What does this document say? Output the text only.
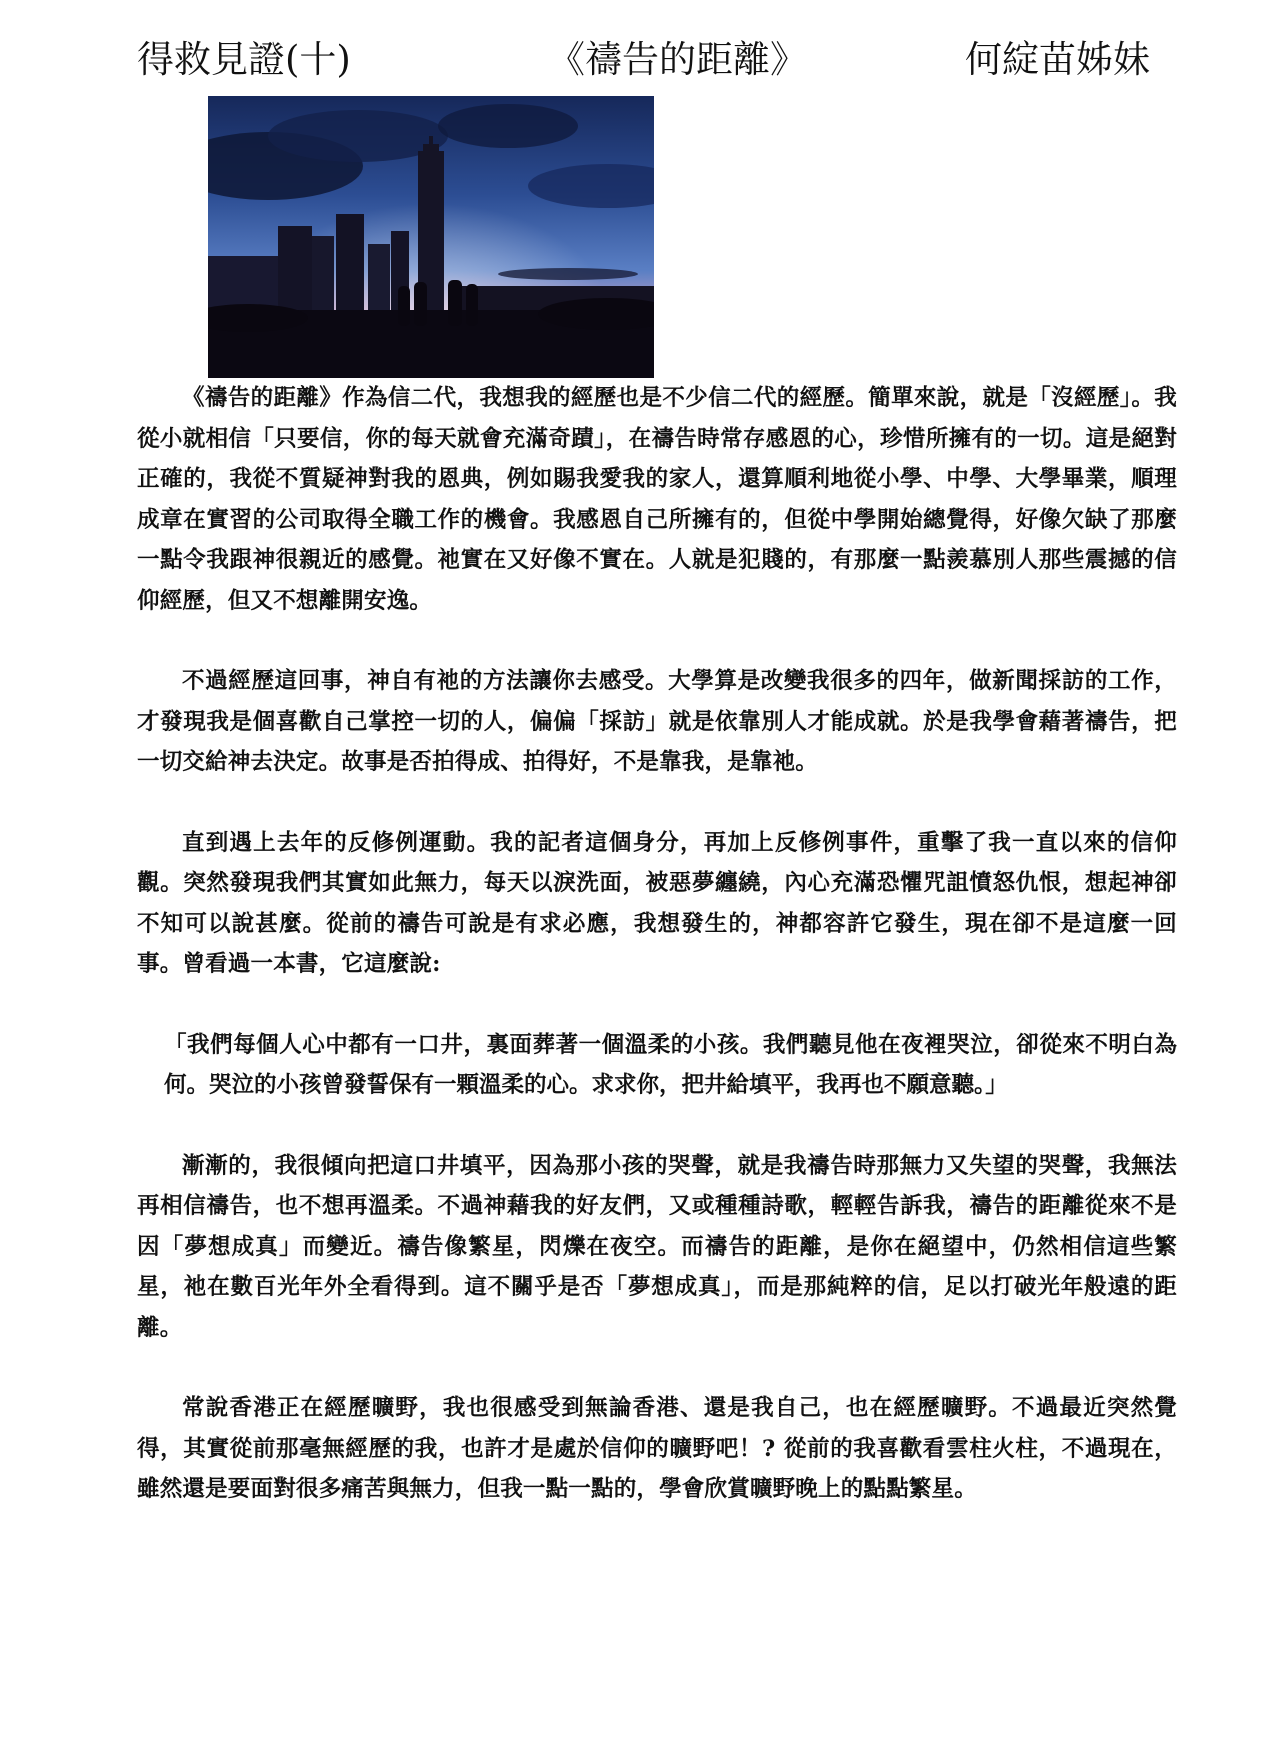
得救見證(十)	《禱告的距離》	何綻苗姊妹

《禱告的距離》作為信二代，我想我的經歷也是不少信二代的經歷。簡單來說，就是「沒經歷」。我從小就相信「只要信，你的每天就會充滿奇蹟」，在禱告時常存感恩的心，珍惜所擁有的一切。這是絕對正確的，我從不質疑神對我的恩典，例如賜我愛我的家人，還算順利地從小學、中學、大學畢業，順理成章在實習的公司取得全職工作的機會。我感恩自己所擁有的，但從中學開始總覺得，好像欠缺了那麼一點令我跟神很親近的感覺。祂實在又好像不實在。人就是犯賤的，有那麼一點羨慕別人那些震撼的信仰經歷，但又不想離開安逸。

不過經歷這回事，神自有祂的方法讓你去感受。大學算是改變我很多的四年，做新聞採訪的工作，才發現我是個喜歡自己掌控一切的人，偏偏「採訪」就是依靠別人才能成就。於是我學會藉著禱告，把一切交給神去決定。故事是否拍得成、拍得好，不是靠我，是靠祂。

直到遇上去年的反修例運動。我的記者這個身分，再加上反修例事件，重擊了我一直以來的信仰觀。突然發現我們其實如此無力，每天以淚洗面，被惡夢纏繞，內心充滿恐懼咒詛憤怒仇恨，想起神卻不知可以說甚麼。從前的禱告可說是有求必應，我想發生的，神都容許它發生，現在卻不是這麼一回事。曾看過一本書，它這麼說:

「我們每個人心中都有一口井，裏面葬著一個溫柔的小孩。我們聽見他在夜裡哭泣，卻從來不明白為何。哭泣的小孩曾發誓保有一顆溫柔的心。求求你，把井給填平，我再也不願意聽。」

漸漸的，我很傾向把這口井填平，因為那小孩的哭聲，就是我禱告時那無力又失望的哭聲，我無法再相信禱告，也不想再溫柔。不過神藉我的好友們，又或種種詩歌，輕輕告訴我，禱告的距離從來不是因「夢想成真」而變近。禱告像繁星，閃爍在夜空。而禱告的距離，是你在絕望中，仍然相信這些繁星，祂在數百光年外全看得到。這不關乎是否「夢想成真」，而是那純粹的信，足以打破光年般遠的距離。

常說香港正在經歷曠野，我也很感受到無論香港、還是我自己，也在經歷曠野。不過最近突然覺得，其實從前那毫無經歷的我，也許才是處於信仰的曠野吧！? 從前的我喜歡看雲柱火柱，不過現在，雖然還是要面對很多痛苦與無力，但我一點一點的，學會欣賞曠野晚上的點點繁星。
